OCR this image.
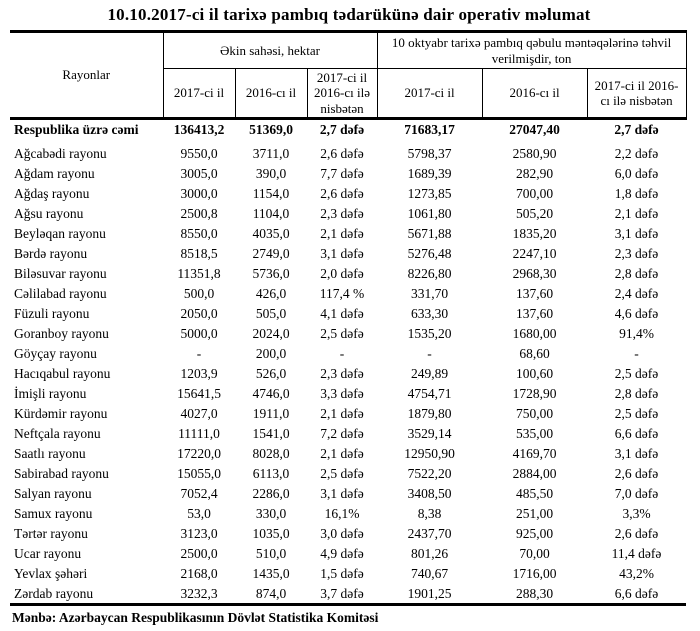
10.10.2017-ci il tarixə pambıq tədarükünə dair operativ məlumat
Rayonlar	Əkin sahəsi, hektar			10 oktyabr tarixə pambıq qəbulu məntəqələrinə təhvil verilmişdir, ton		
	2017-ci il	2016-cı il	2017-ci il 2016-cı ilə nisbətən	2017-ci il	2016-cı il	2017-ci il 2016-cı ilə nisbətən
Respublika üzrə cəmi	136413,2	51369,0	2,7 dəfə	71683,17	27047,40	2,7 dəfə
Ağcabədi rayonu	9550,0	3711,0	2,6 dəfə	5798,37	2580,90	2,2 dəfə
Ağdam rayonu	3005,0	390,0	7,7 dəfə	1689,39	282,90	6,0 dəfə
Ağdaş rayonu	3000,0	1154,0	2,6 dəfə	1273,85	700,00	1,8 dəfə
Ağsu rayonu	2500,8	1104,0	2,3 dəfə	1061,80	505,20	2,1 dəfə
Beyləqan rayonu	8550,0	4035,0	2,1 dəfə	5671,88	1835,20	3,1 dəfə
Bərdə rayonu	8518,5	2749,0	3,1 dəfə	5276,48	2247,10	2,3 dəfə
Biləsuvar rayonu	11351,8	5736,0	2,0 dəfə	8226,80	2968,30	2,8 dəfə
Cəlilabad rayonu	500,0	426,0	117,4 %	331,70	137,60	2,4 dəfə
Füzuli rayonu	2050,0	505,0	4,1 dəfə	633,30	137,60	4,6 dəfə
Goranboy rayonu	5000,0	2024,0	2,5 dəfə	1535,20	1680,00	91,4%
Göyçay rayonu	-	200,0	-	-	68,60	-
Hacıqabul rayonu	1203,9	526,0	2,3 dəfə	249,89	100,60	2,5 dəfə
İmişli rayonu	15641,5	4746,0	3,3 dəfə	4754,71	1728,90	2,8 dəfə
Kürdəmir rayonu	4027,0	1911,0	2,1 dəfə	1879,80	750,00	2,5 dəfə
Neftçala rayonu	11111,0	1541,0	7,2 dəfə	3529,14	535,00	6,6 dəfə
Saatlı rayonu	17220,0	8028,0	2,1 dəfə	12950,90	4169,70	3,1 dəfə
Sabirabad rayonu	15055,0	6113,0	2,5 dəfə	7522,20	2884,00	2,6 dəfə
Salyan rayonu	7052,4	2286,0	3,1 dəfə	3408,50	485,50	7,0 dəfə
Samux rayonu	53,0	330,0	16,1%	8,38	251,00	3,3%
Tərtər rayonu	3123,0	1035,0	3,0 dəfə	2437,70	925,00	2,6 dəfə
Ucar rayonu	2500,0	510,0	4,9 dəfə	801,26	70,00	11,4 dəfə
Yevlax şəhəri	2168,0	1435,0	1,5 dəfə	740,67	1716,00	43,2%
Zərdab rayonu	3232,3	874,0	3,7 dəfə	1901,25	288,30	6,6 dəfə
Mənbə: Azərbaycan Respublikasının Dövlət Statistika Komitəsi
